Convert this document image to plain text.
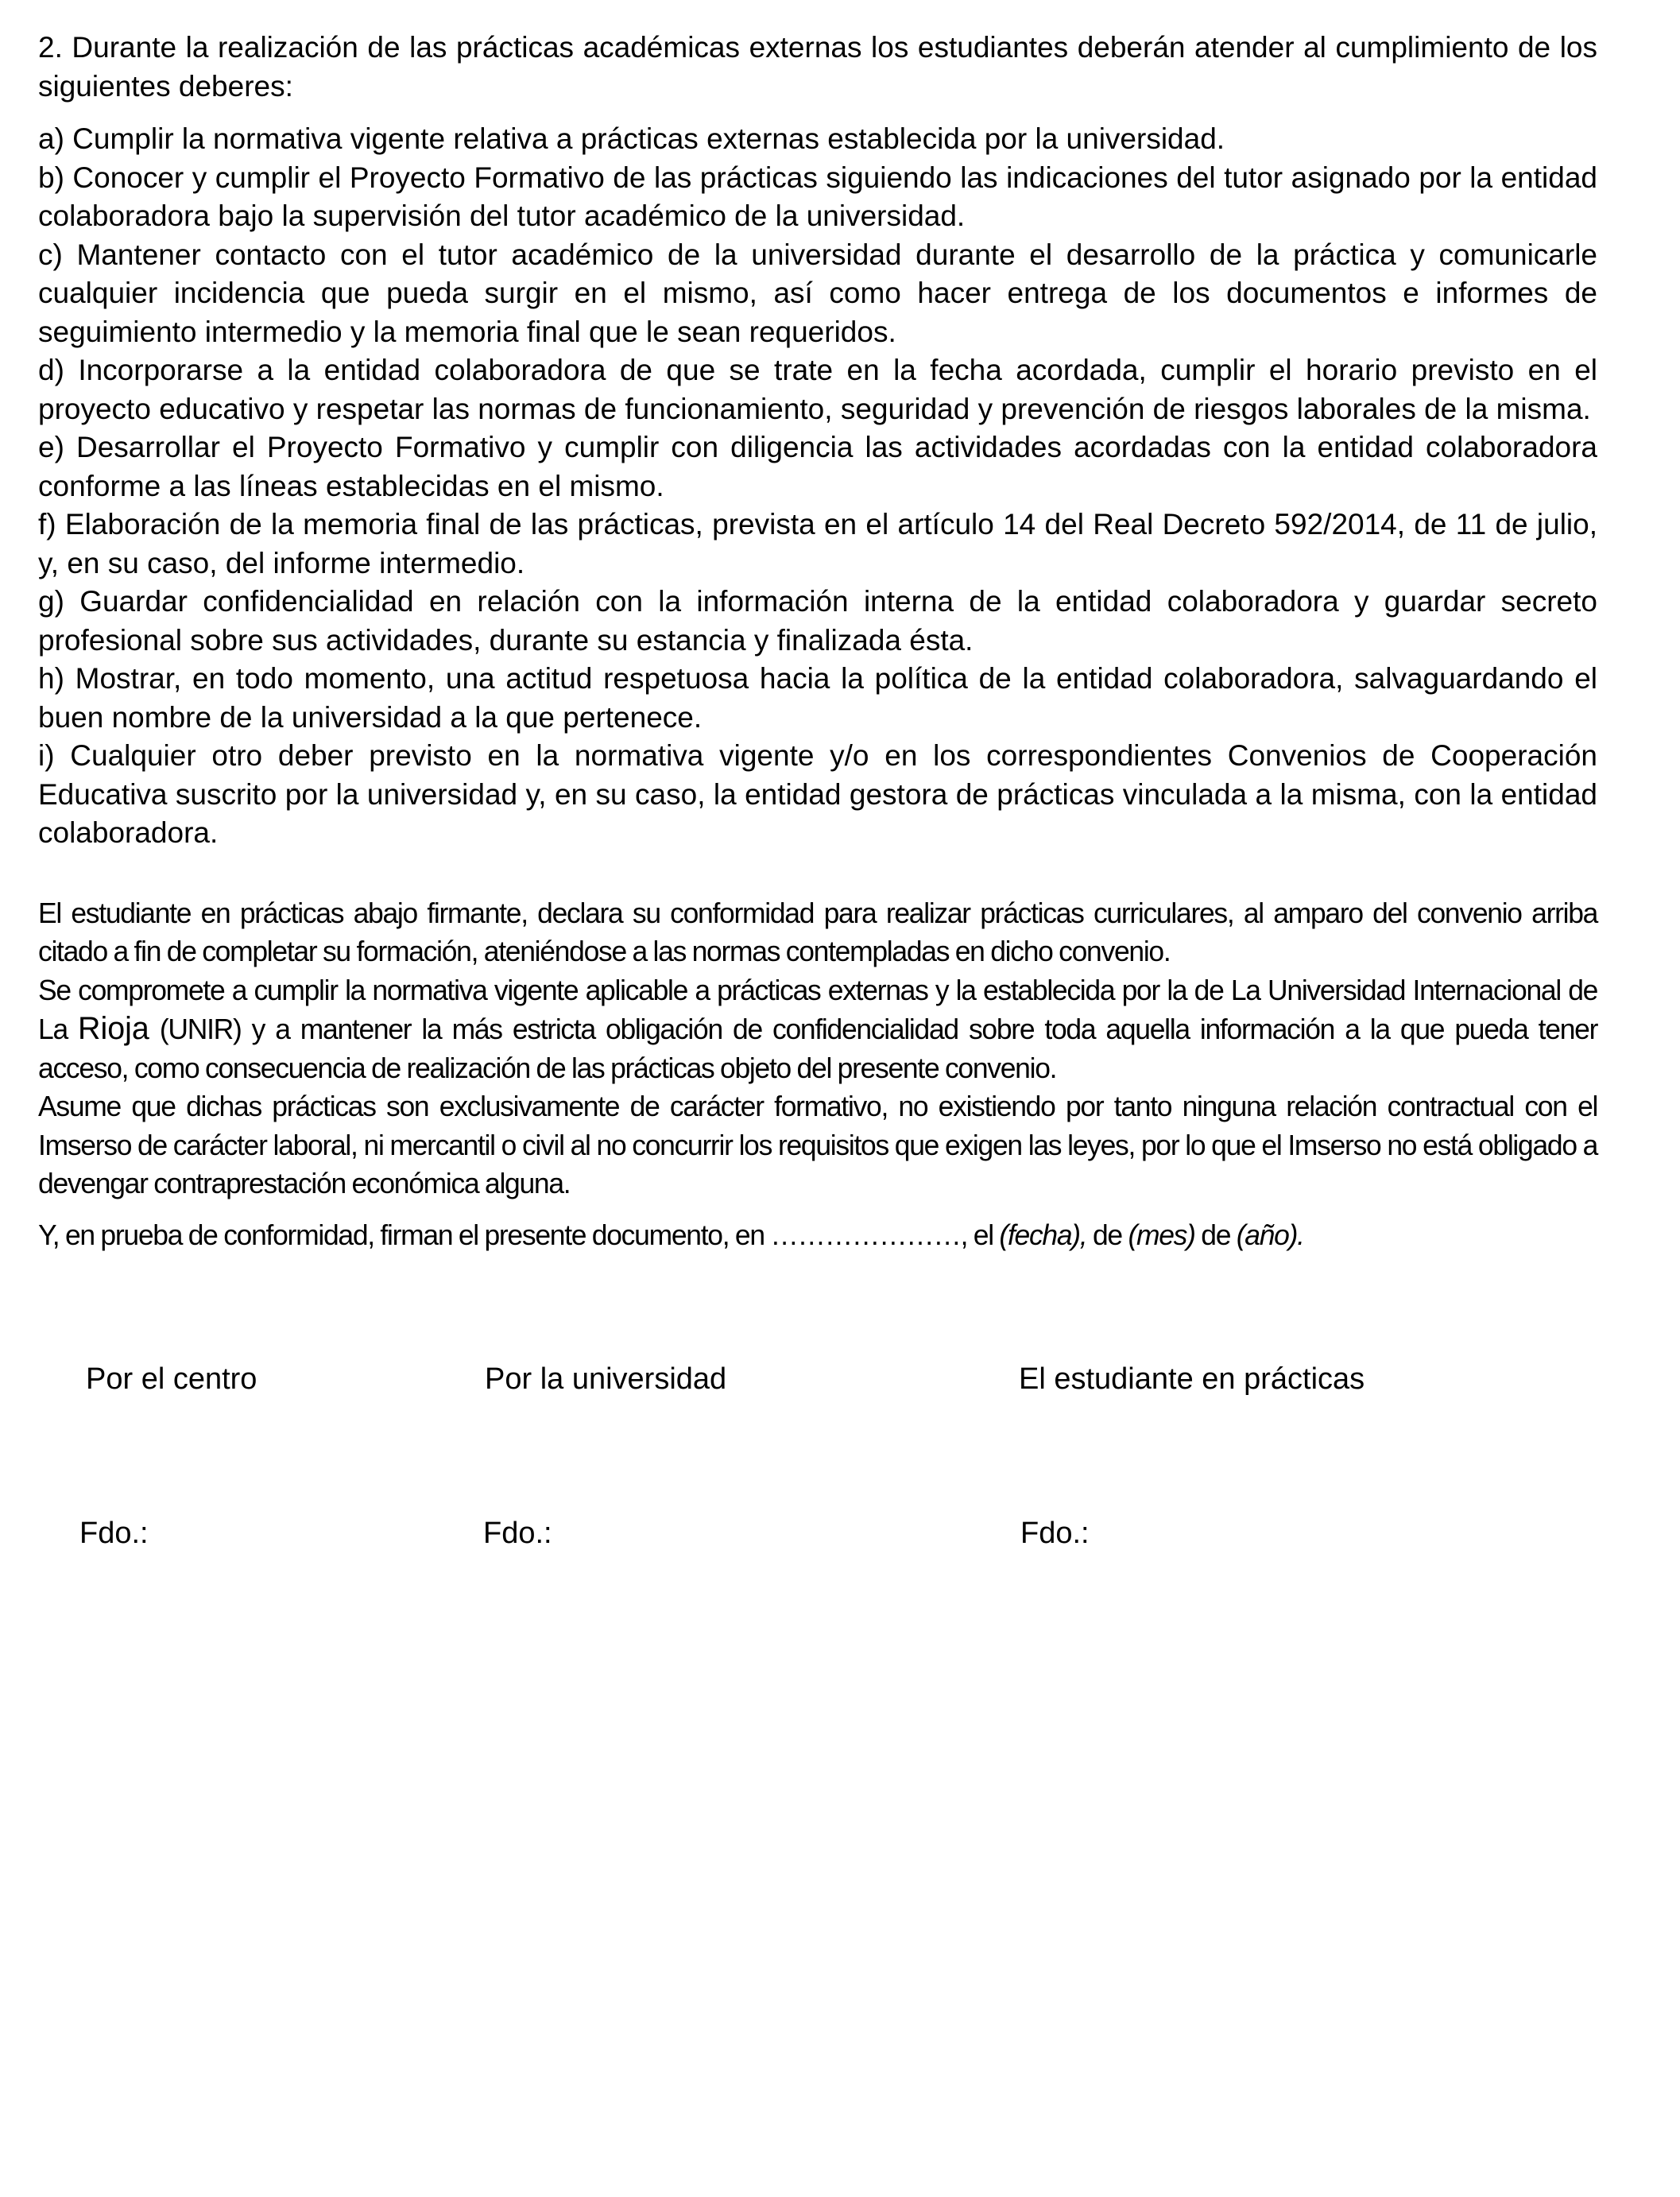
2. Durante la realización de las prácticas académicas externas los estudiantes deberán atender al cumplimiento de los siguientes deberes:

a) Cumplir la normativa vigente relativa a prácticas externas establecida por la universidad.

b) Conocer y cumplir el Proyecto Formativo de las prácticas siguiendo las indicaciones del tutor asignado por la entidad colaboradora bajo la supervisión del tutor académico de la universidad.

c) Mantener contacto con el tutor académico de la universidad durante el desarrollo de la práctica y comunicarle cualquier incidencia que pueda surgir en el mismo, así como hacer entrega de los documentos e informes de seguimiento intermedio y la memoria final que le sean requeridos.

d) Incorporarse a la entidad colaboradora de que se trate en la fecha acordada, cumplir el horario previsto en el proyecto educativo y respetar las normas de funcionamiento, seguridad y prevención de riesgos laborales de la misma.

e) Desarrollar el Proyecto Formativo y cumplir con diligencia las actividades acordadas con la entidad colaboradora conforme a las líneas establecidas en el mismo.

f) Elaboración de la memoria final de las prácticas, prevista en el artículo 14 del Real Decreto 592/2014, de 11 de julio, y, en su caso, del informe intermedio.

g) Guardar confidencialidad en relación con la información interna de la entidad colaboradora y guardar secreto profesional sobre sus actividades, durante su estancia y finalizada ésta.

h) Mostrar, en todo momento, una actitud respetuosa hacia la política de la entidad colaboradora, salvaguardando el buen nombre de la universidad a la que pertenece.

i) Cualquier otro deber previsto en la normativa vigente y/o en los correspondientes Convenios de Cooperación Educativa suscrito por la universidad y, en su caso, la entidad gestora de prácticas vinculada a la misma, con la entidad colaboradora.

El estudiante en prácticas abajo firmante, declara su conformidad para realizar prácticas curriculares, al amparo del convenio arriba citado a fin de completar su formación, ateniéndose a las normas contempladas en dicho convenio.

Se compromete a cumplir la normativa vigente aplicable a prácticas externas y la establecida por la de La Universidad Internacional de La Rioja (UNIR) y a mantener la más estricta obligación de confidencialidad sobre toda aquella información a la que pueda tener acceso, como consecuencia de realización de las prácticas objeto del presente convenio.

Asume que dichas prácticas son exclusivamente de carácter formativo, no existiendo por tanto ninguna relación contractual con el Imserso de carácter laboral, ni mercantil o civil al no concurrir los requisitos que exigen las leyes, por lo que el Imserso no está obligado a devengar contraprestación económica alguna.

Y, en prueba de conformidad, firman el presente documento, en …………………, el (fecha), de (mes) de (año).

Por el centro	Por la universidad	El estudiante en prácticas
Fdo.:	Fdo.:	Fdo.:
